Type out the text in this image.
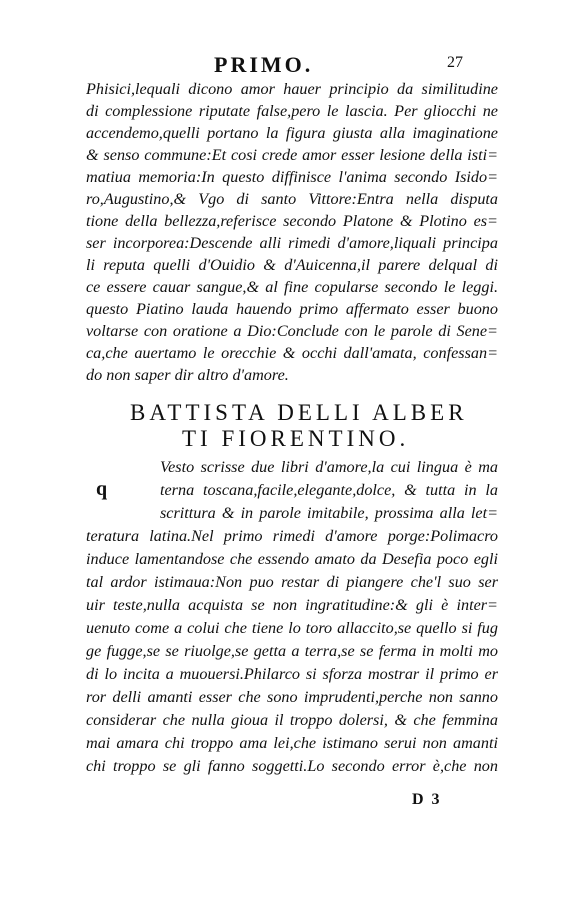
PRIMO.	27
Phisici,lequali dicono amor hauer principio da similitudine
di complessione riputate false,pero le lascia. Per gliocchi ne
accendemo,quelli portano la figura giusta alla imaginatione
& senso commune:Et cosi crede amor esser lesione della isti=
matiua memoria:In questo diffinisce l'anima secondo Isido=
ro,Augustino,& Vgo di santo Vittore:Entra nella disputa
tione della bellezza,referisce secondo Platone & Plotino es=
ser incorporea:Descende alli rimedi d'amore,liquali principa
li reputa quelli d'Ouidio & d'Auicenna,il parere delqual di
ce essere cauar sangue,& al fine copularse secondo le leggi.
questo Piatino lauda hauendo primo affermato esser buono
voltarse con oratione a Dio:Conclude con le parole di Sene=
ca,che auertamo le orecchie & occhi dall'amata, confessan=
do non saper dir altro d'amore.
BATTISTA DELLI ALBER
TI FIORENTINO.
q
Vesto scrisse due libri d'amore,la cui lingua è ma
terna toscana,facile,elegante,dolce, & tutta in la
scrittura & in parole imitabile, prossima alla let=
teratura latina.Nel primo rimedi d'amore porge:Polimacro
induce lamentandose che essendo amato da Desefia poco egli
tal ardor istimaua:Non puo restar di piangere che'l suo ser
uir teste,nulla acquista se non ingratitudine:& gli è inter=
uenuto come a colui che tiene lo toro allaccito,se quello si fug
ge fugge,se se riuolge,se getta a terra,se se ferma in molti mo
di lo incita a muouersi.Philarco si sforza mostrar il primo er
ror delli amanti esser che sono imprudenti,perche non sanno
considerar che nulla gioua il troppo dolersi, & che femmina
mai amara chi troppo ama lei,che istimano serui non amanti
chi troppo se gli fanno soggetti.Lo secondo error è,che non
D 3
